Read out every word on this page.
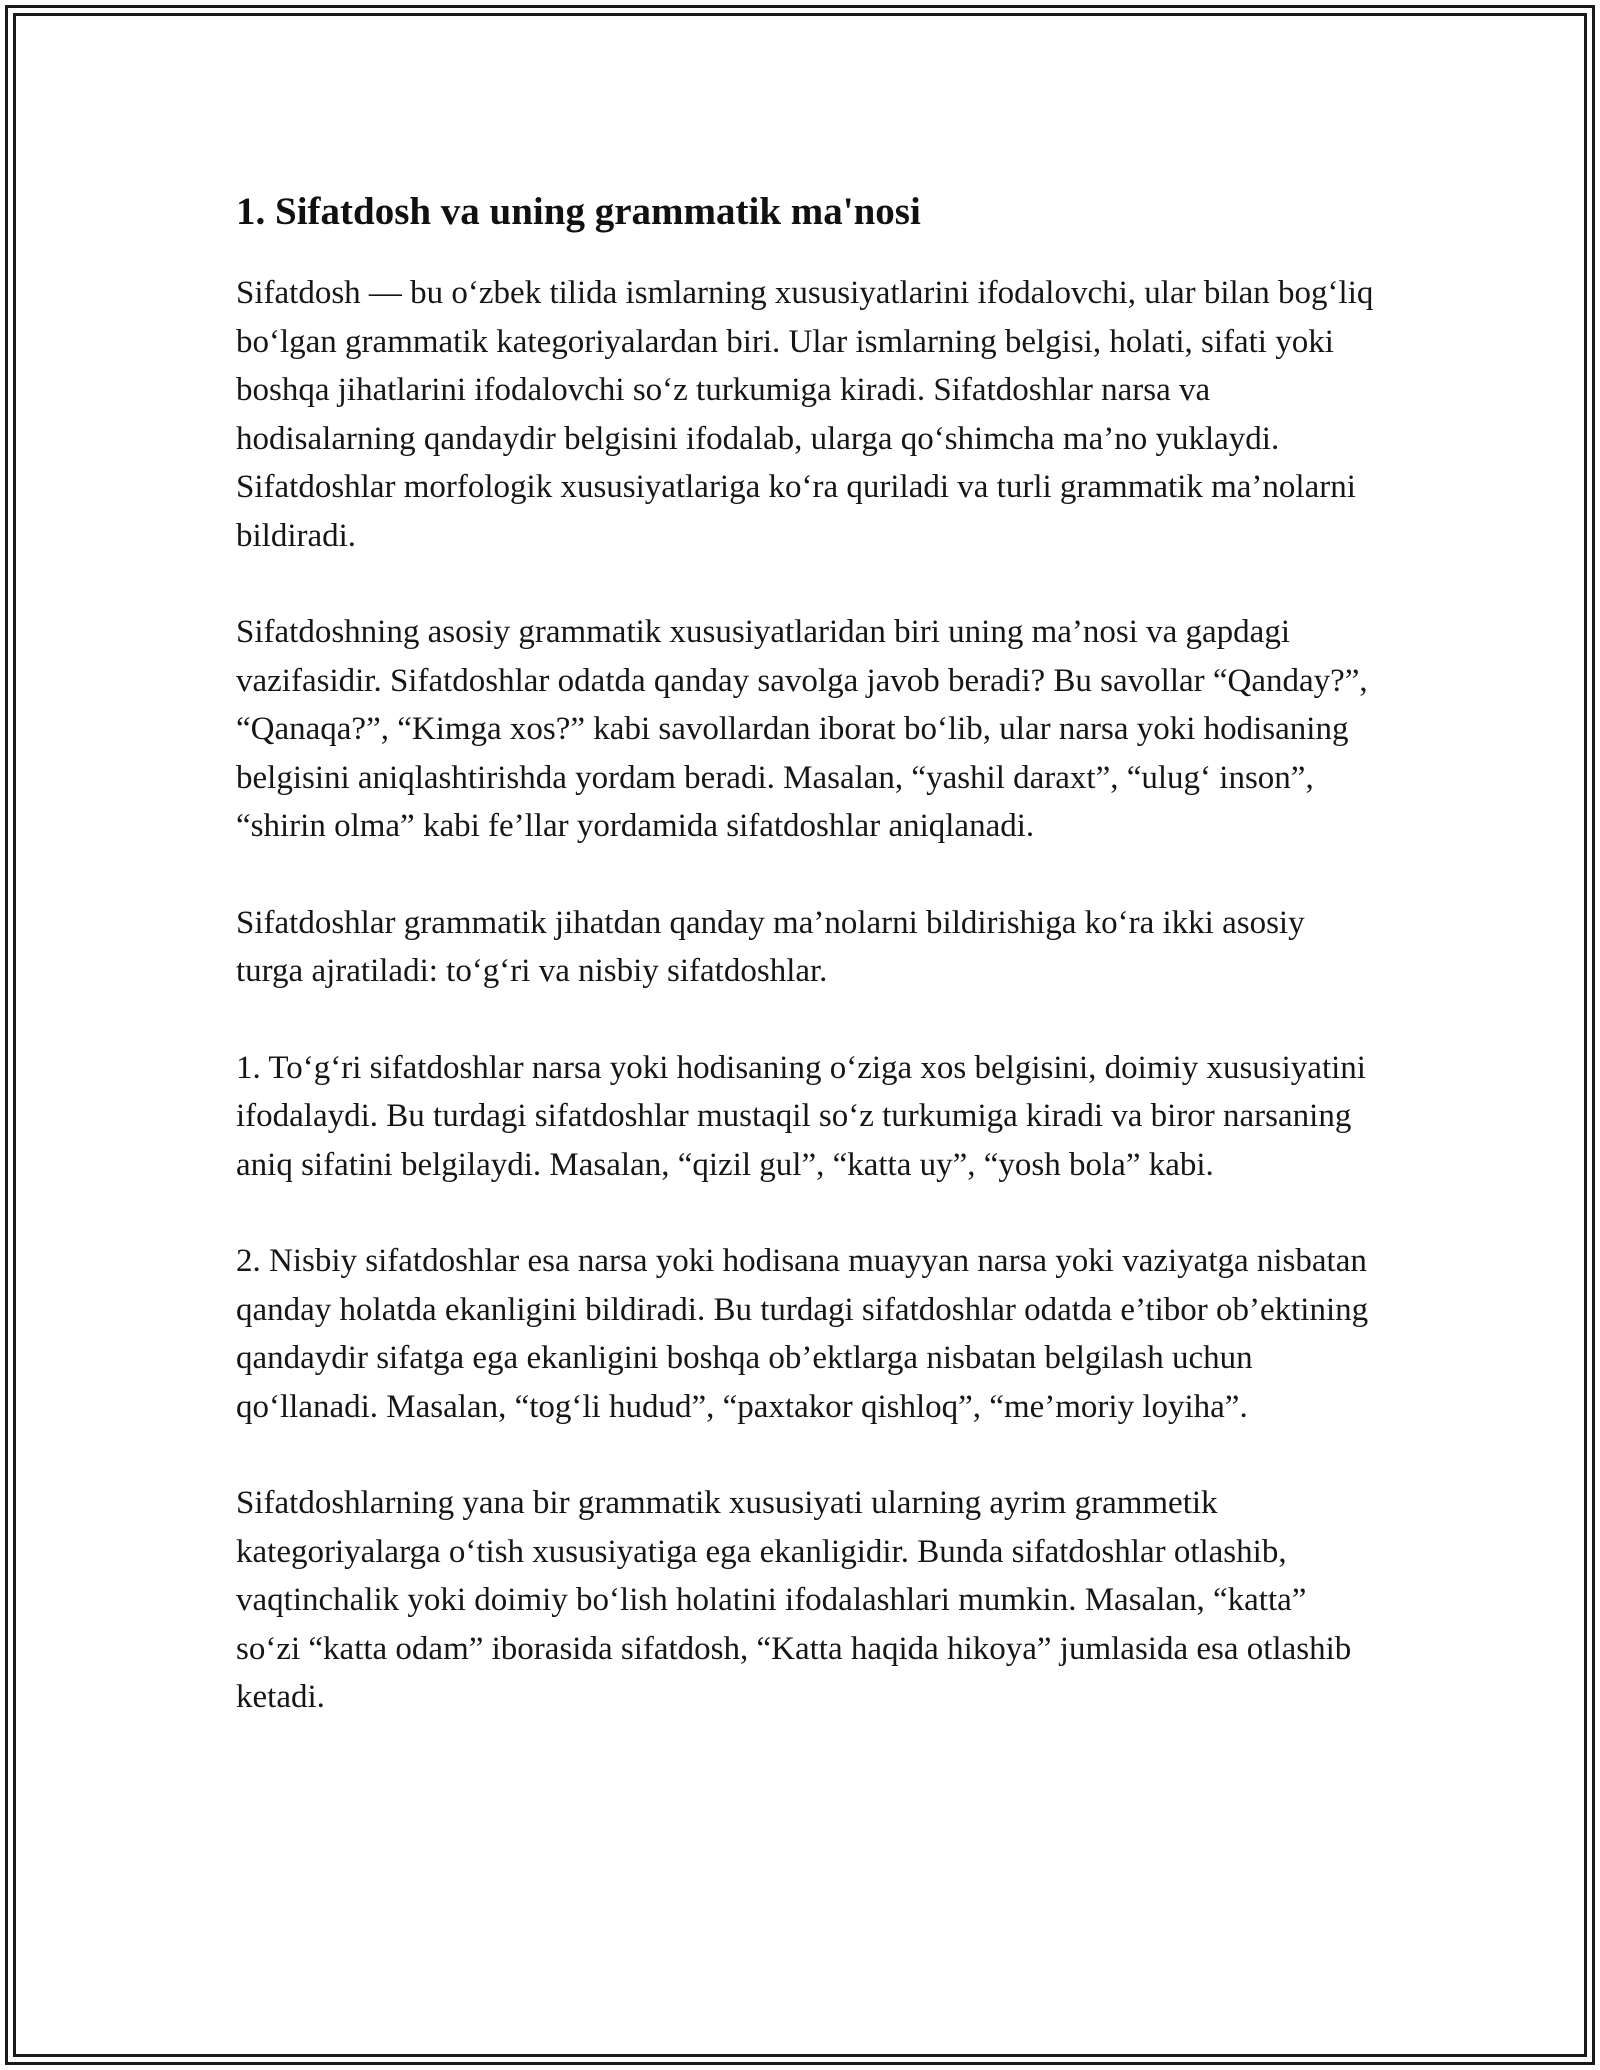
1. Sifatdosh va uning grammatik ma'nosi

Sifatdosh — bu o‘zbek tilida ismlarning xususiyatlarini ifodalovchi, ular bilan bog‘liq bo‘lgan grammatik kategoriyalardan biri. Ular ismlarning belgisi, holati, sifati yoki boshqa jihatlarini ifodalovchi so‘z turkumiga kiradi. Sifatdoshlar narsa va hodisalarning qandaydir belgisini ifodalab, ularga qo‘shimcha ma’no yuklaydi. Sifatdoshlar morfologik xususiyatlariga ko‘ra quriladi va turli grammatik ma’nolarni bildiradi.

Sifatdoshning asosiy grammatik xususiyatlaridan biri uning ma’nosi va gapdagi vazifasidir. Sifatdoshlar odatda qanday savolga javob beradi? Bu savollar “Qanday?”, “Qanaqa?”, “Kimga xos?” kabi savollardan iborat bo‘lib, ular narsa yoki hodisaning belgisini aniqlashtirishda yordam beradi. Masalan, “yashil daraxt”, “ulug‘ inson”, “shirin olma” kabi fe’llar yordamida sifatdoshlar aniqlanadi.

Sifatdoshlar grammatik jihatdan qanday ma’nolarni bildirishiga ko‘ra ikki asosiy turga ajratiladi: to‘g‘ri va nisbiy sifatdoshlar.

1. To‘g‘ri sifatdoshlar narsa yoki hodisaning o‘ziga xos belgisini, doimiy xususiyatini ifodalaydi. Bu turdagi sifatdoshlar mustaqil so‘z turkumiga kiradi va biror narsaning aniq sifatini belgilaydi. Masalan, “qizil gul”, “katta uy”, “yosh bola” kabi.

2. Nisbiy sifatdoshlar esa narsa yoki hodisana muayyan narsa yoki vaziyatga nisbatan qanday holatda ekanligini bildiradi. Bu turdagi sifatdoshlar odatda e’tibor ob’ektining qandaydir sifatga ega ekanligini boshqa ob’ektlarga nisbatan belgilash uchun qo‘llanadi. Masalan, “tog‘li hudud”, “paxtakor qishloq”, “me’moriy loyiha”.

Sifatdoshlarning yana bir grammatik xususiyati ularning ayrim grammetik kategoriyalarga o‘tish xususiyatiga ega ekanligidir. Bunda sifatdoshlar otlashib, vaqtinchalik yoki doimiy bo‘lish holatini ifodalashlari mumkin. Masalan, “katta” so‘zi “katta odam” iborasida sifatdosh, “Katta haqida hikoya” jumlasida esa otlashib ketadi.
